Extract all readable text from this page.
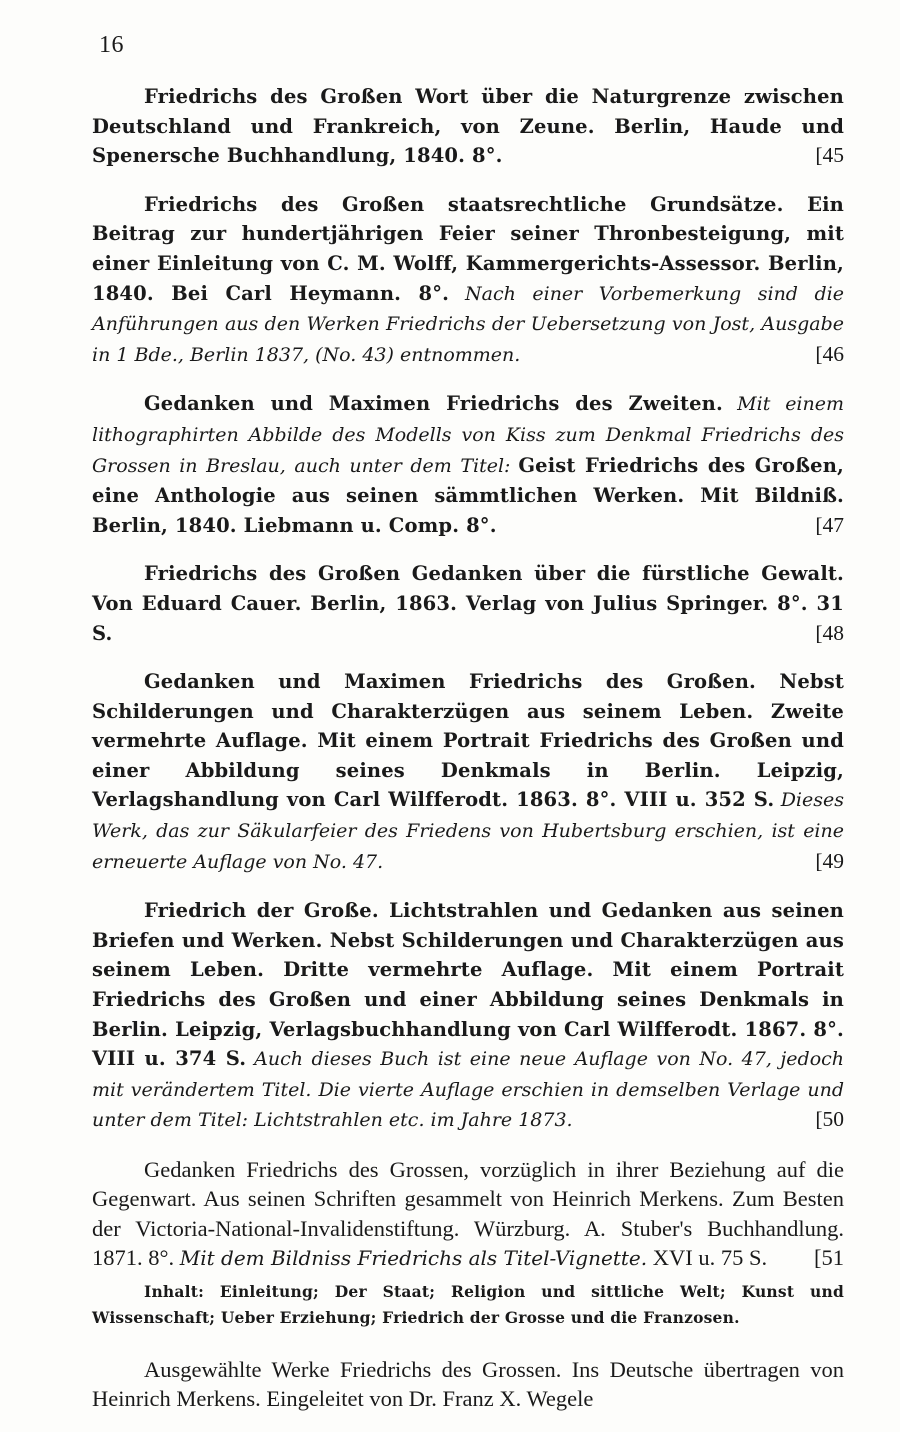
16
Friedrichs des Großen Wort über die Naturgrenze zwischen Deutschland und Frankreich, von Zeune. Berlin, Haude und Spenersche Buchhandlung, 1840. 8°.	[45
Friedrichs des Großen staatsrechtliche Grundsätze. Ein Beitrag zur hundertjährigen Feier seiner Thronbesteigung, mit einer Einleitung von C. M. Wolff, Kammergerichts-Assessor. Berlin, 1840. Bei Carl Heymann. 8°. Nach einer Vorbemerkung sind die Anführungen aus den Werken Friedrichs der Uebersetzung von Jost, Ausgabe in 1 Bde., Berlin 1837, (No. 43) entnommen.	[46
Gedanken und Maximen Friedrichs des Zweiten. Mit einem lithographirten Abbilde des Modells von Kiss zum Denkmal Friedrichs des Grossen in Breslau, auch unter dem Titel: Geist Friedrichs des Großen, eine Anthologie aus seinen sämmtlichen Werken. Mit Bildniß. Berlin, 1840. Liebmann u. Comp. 8°.	[47
Friedrichs des Großen Gedanken über die fürstliche Gewalt. Von Eduard Cauer. Berlin, 1863. Verlag von Julius Springer. 8°. 31 S.	[48
Gedanken und Maximen Friedrichs des Großen. Nebst Schilderungen und Charakterzügen aus seinem Leben. Zweite vermehrte Auflage. Mit einem Portrait Friedrichs des Großen und einer Abbildung seines Denkmals in Berlin. Leipzig, Verlagshandlung von Carl Wilfferodt. 1863. 8°. VIII u. 352 S. Dieses Werk, das zur Säkularfeier des Friedens von Hubertsburg erschien, ist eine erneuerte Auflage von No. 47.	[49
Friedrich der Große. Lichtstrahlen und Gedanken aus seinen Briefen und Werken. Nebst Schilderungen und Charakterzügen aus seinem Leben. Dritte vermehrte Auflage. Mit einem Portrait Friedrichs des Großen und einer Abbildung seines Denkmals in Berlin. Leipzig, Verlagsbuchhandlung von Carl Wilfferodt. 1867. 8°. VIII u. 374 S. Auch dieses Buch ist eine neue Auflage von No. 47, jedoch mit verändertem Titel. Die vierte Auflage erschien in demselben Verlage und unter dem Titel: Lichtstrahlen etc. im Jahre 1873.	[50
Gedanken Friedrichs des Grossen, vorzüglich in ihrer Beziehung auf die Gegenwart. Aus seinen Schriften gesammelt von Heinrich Merkens. Zum Besten der Victoria-National-Invalidenstiftung. Würzburg. A. Stuber's Buchhandlung. 1871. 8°. Mit dem Bildniss Friedrichs als Titel-Vignette. XVI u. 75 S. [51
Inhalt: Einleitung; Der Staat; Religion und sittliche Welt; Kunst und Wissenschaft; Ueber Erziehung; Friedrich der Grosse und die Franzosen.
Ausgewählte Werke Friedrichs des Grossen. Ins Deutsche übertragen von Heinrich Merkens. Eingeleitet von Dr. Franz X. Wegele
